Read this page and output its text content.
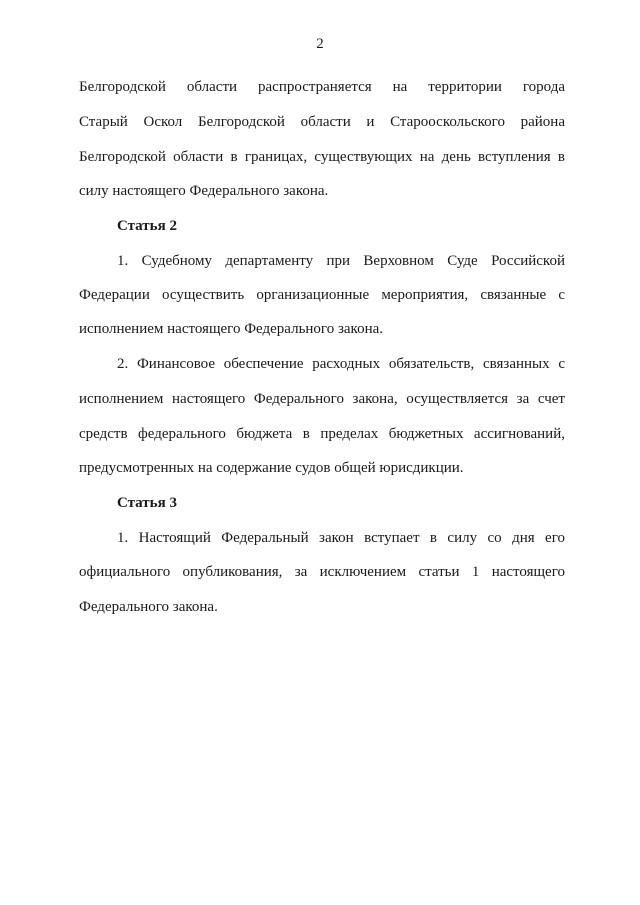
2
Белгородской области распространяется на территории города
Старый Оскол Белгородской области и Старооскольского района
Белгородской области в границах, существующих на день вступления в
силу настоящего Федерального закона.
Статья 2
1. Судебному департаменту при Верховном Суде Российской
Федерации осуществить организационные мероприятия, связанные с
исполнением настоящего Федерального закона.
2. Финансовое обеспечение расходных обязательств, связанных с
исполнением настоящего Федерального закона, осуществляется за счет
средств федерального бюджета в пределах бюджетных ассигнований,
предусмотренных на содержание судов общей юрисдикции.
Статья 3
1. Настоящий Федеральный закон вступает в силу со дня его
официального опубликования, за исключением статьи 1 настоящего
Федерального закона.
